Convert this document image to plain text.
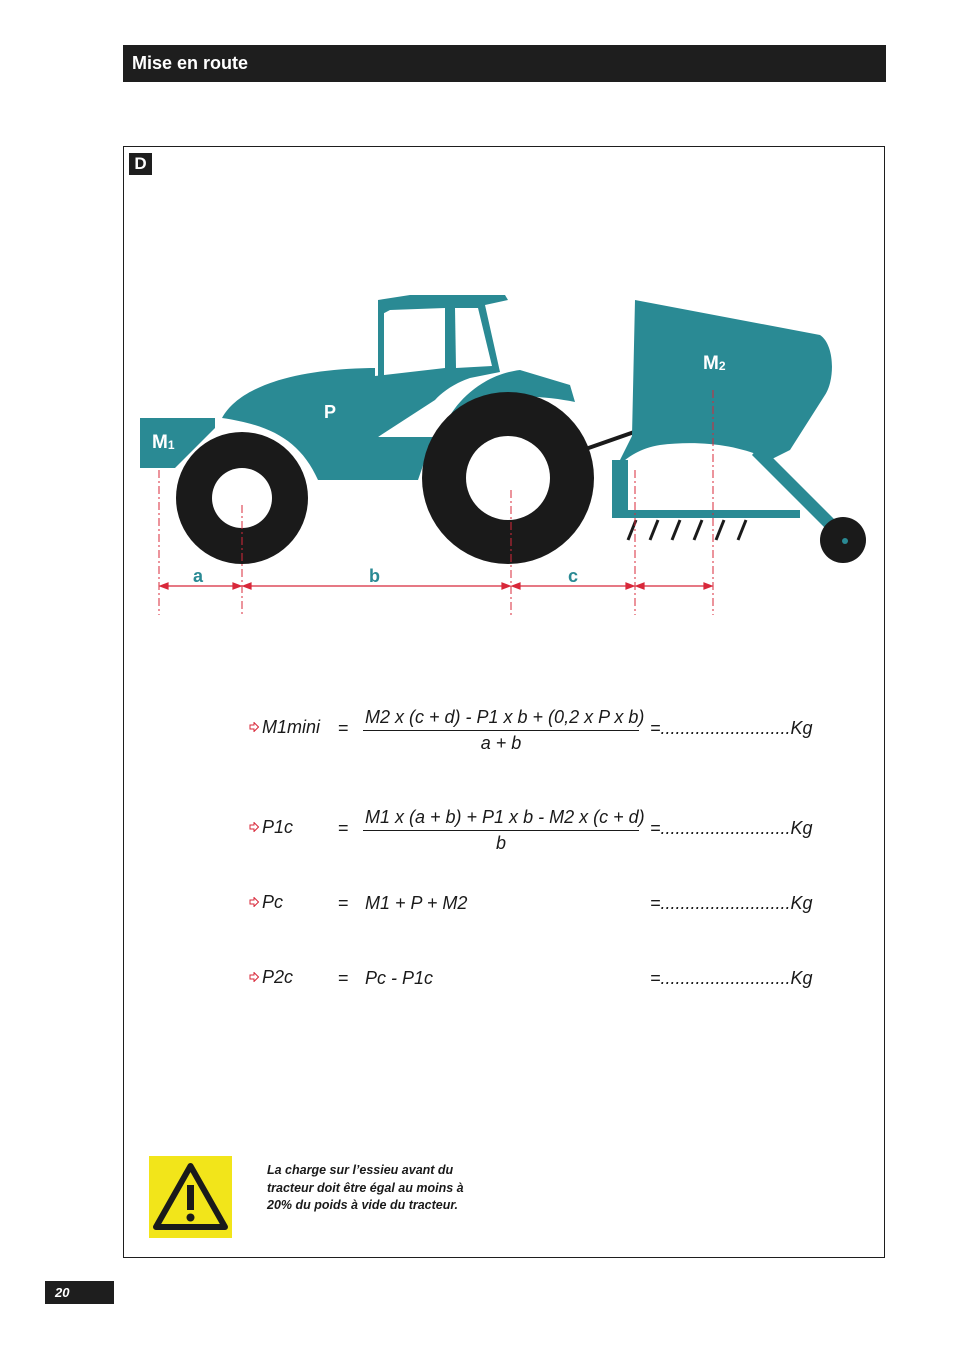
Mise en route
D
M1
P
M2
a	b	c
$M1\min i = \frac{\text{M2 x (c + d) - P1 x b + (0,2 x P x b)}}{a + b} =..........................Kg$
$P1c = \frac{\text{M1 x (a + b) + P1 x b - M2 x (c + d)}}{b} =..........................Kg$
Pc	= M1 + P + M2	=..........................Kg
P2c = Pc - P1c	=..........................Kg
La charge sur l’essieu avant du tracteur doit être égal au moins à 20% du poids à vide du tracteur.
20
